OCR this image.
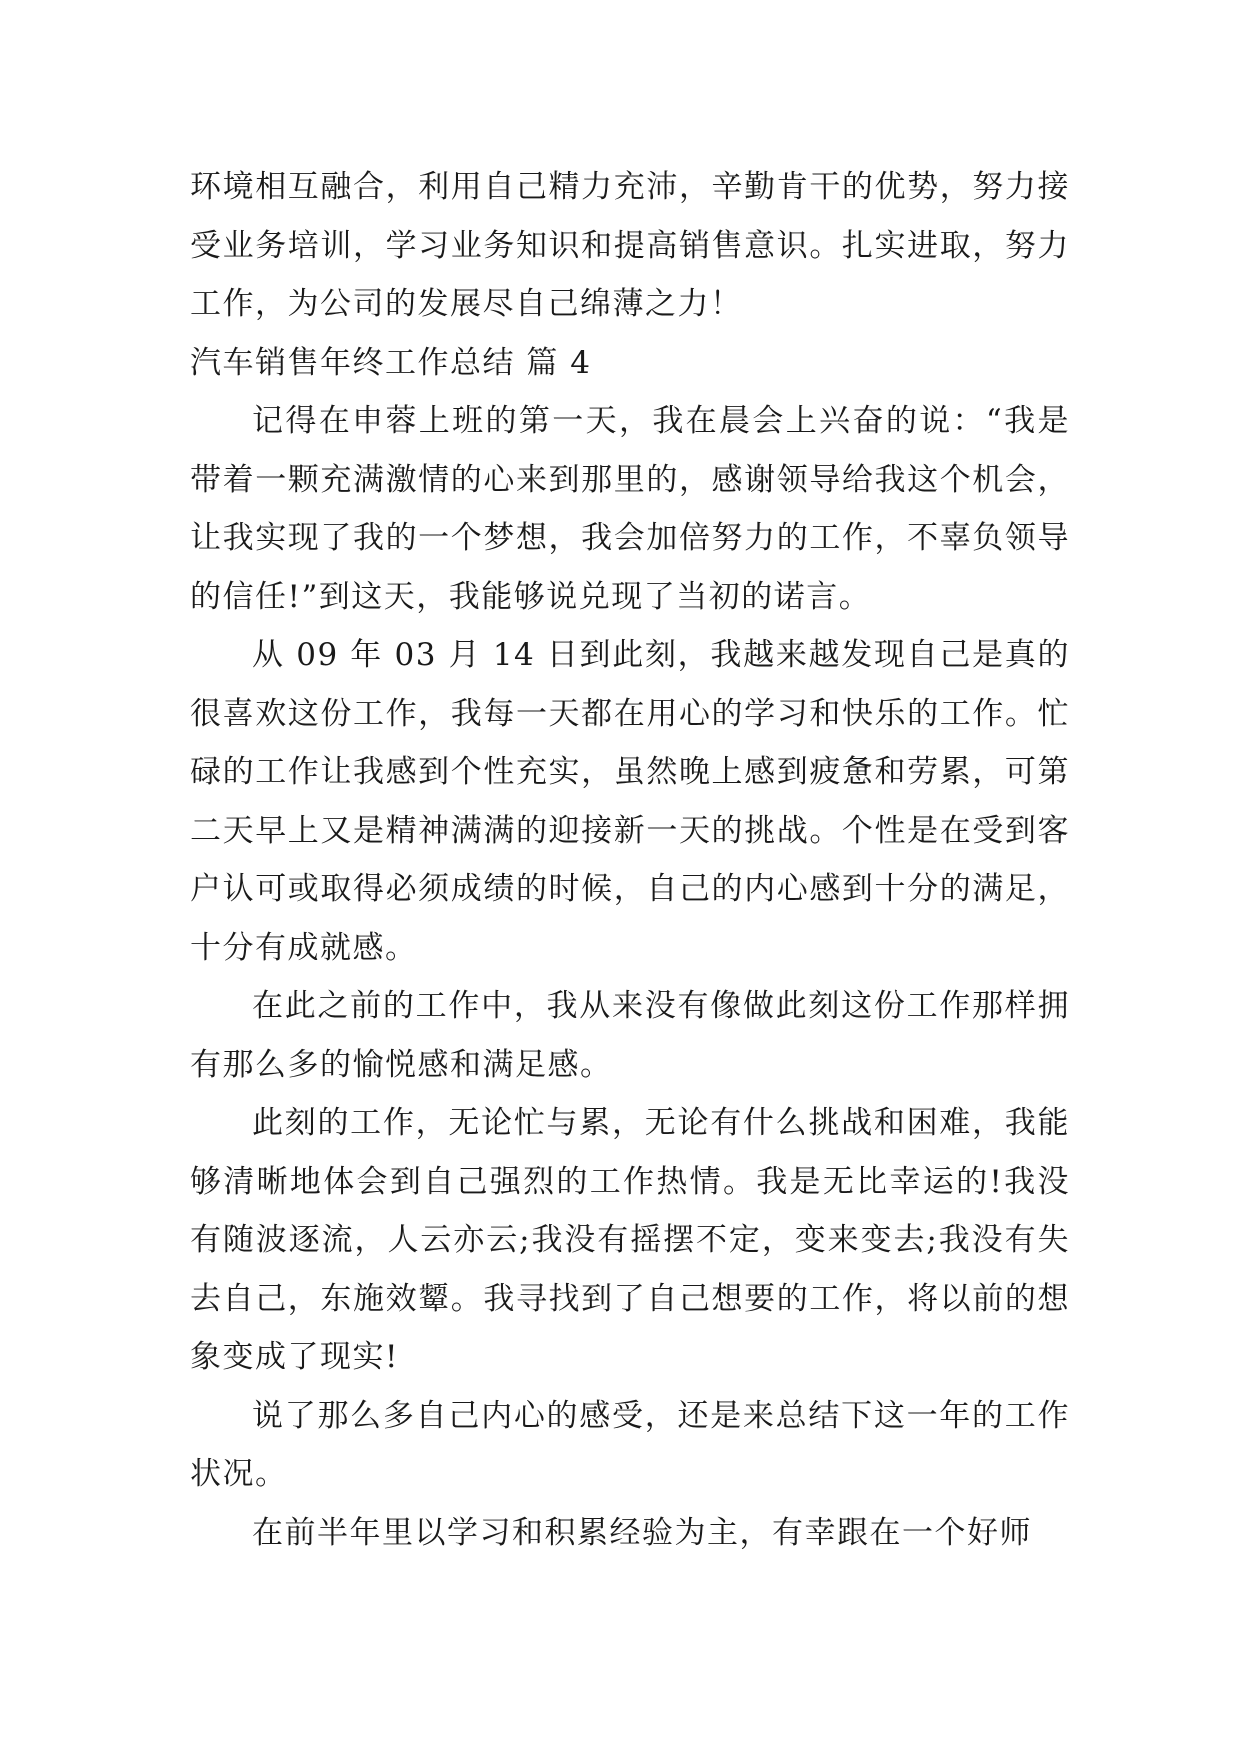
环境相互融合，利用自己精力充沛，辛勤肯干的优势，努力接受业务培训，学习业务知识和提高销售意识。扎实进取，努力工作，为公司的发展尽自己绵薄之力！

汽车销售年终工作总结 篇 4

记得在申蓉上班的第一天，我在晨会上兴奋的说：“我是带着一颗充满激情的心来到那里的，感谢领导给我这个机会，让我实现了我的一个梦想，我会加倍努力的工作，不辜负领导的信任!”到这天，我能够说兑现了当初的诺言。

从 09 年 03 月 14 日到此刻，我越来越发现自己是真的很喜欢这份工作，我每一天都在用心的学习和快乐的工作。忙碌的工作让我感到个性充实，虽然晚上感到疲惫和劳累，可第二天早上又是精神满满的迎接新一天的挑战。个性是在受到客户认可或取得必须成绩的时候，自己的内心感到十分的满足，十分有成就感。

在此之前的工作中，我从来没有像做此刻这份工作那样拥有那么多的愉悦感和满足感。

此刻的工作，无论忙与累，无论有什么挑战和困难，我能够清晰地体会到自己强烈的工作热情。我是无比幸运的!我没有随波逐流，人云亦云;我没有摇摆不定，变来变去;我没有失去自己，东施效颦。我寻找到了自己想要的工作，将以前的想象变成了现实!

说了那么多自己内心的感受，还是来总结下这一年的工作状况。

在前半年里以学习和积累经验为主，有幸跟在一个好师
